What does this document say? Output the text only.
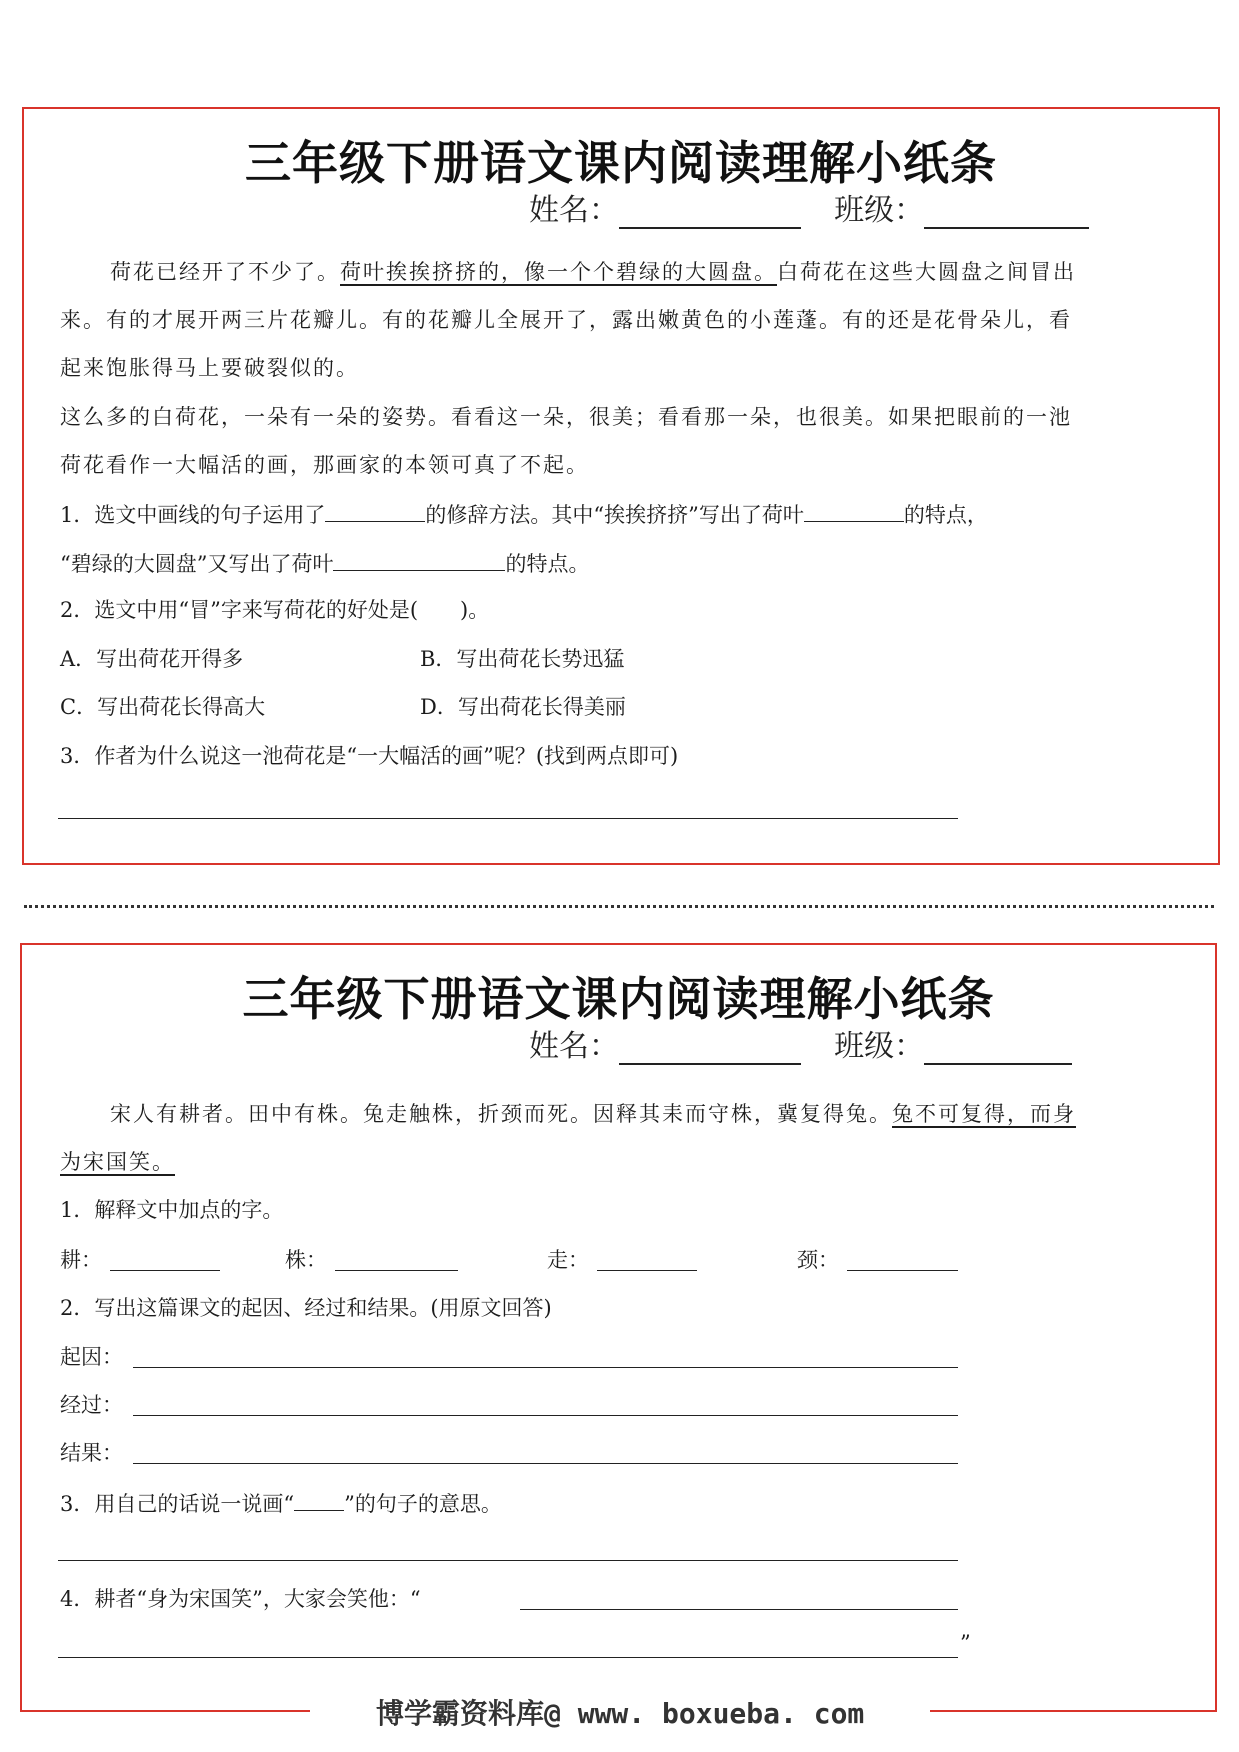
三年级下册语文课内阅读理解小纸条
姓名：	班级：
荷花已经开了不少了。荷叶挨挨挤挤的，像一个个碧绿的大圆盘。白荷花在这些大圆盘之间冒出
来。有的才展开两三片花瓣儿。有的花瓣儿全展开了，露出嫩黄色的小莲蓬。有的还是花骨朵儿，看
起来饱胀得马上要破裂似的。
这么多的白荷花，一朵有一朵的姿势。看看这一朵，很美；看看那一朵，也很美。如果把眼前的一池
荷花看作一大幅活的画，那画家的本领可真了不起。
1．选文中画线的句子运用了	的修辞方法。其中“挨挨挤挤”写出了荷叶	的特点，
“碧绿的大圆盘”又写出了荷叶	的特点。
2．选文中用“冒”字来写荷花的好处是(　　)。
A．写出荷花开得多	B．写出荷花长势迅猛
C．写出荷花长得高大	D．写出荷花长得美丽
3．作者为什么说这一池荷花是“一大幅活的画”呢？(找到两点即可)
三年级下册语文课内阅读理解小纸条
姓名：	班级：
宋人有耕者。田中有株。兔走触株，折颈而死。因释其耒而守株，冀复得兔。兔不可复得，而身
为宋国笑。
1．解释文中加点的字。
耕：	株：	走：	颈：
2．写出这篇课文的起因、经过和结果。(用原文回答)
起因：
经过：
结果：
3．用自己的话说一说画“ ”的句子的意思。
4．耕者“身为宋国笑”，大家会笑他：“
”
博学霸资料库@ www. boxueba. com
